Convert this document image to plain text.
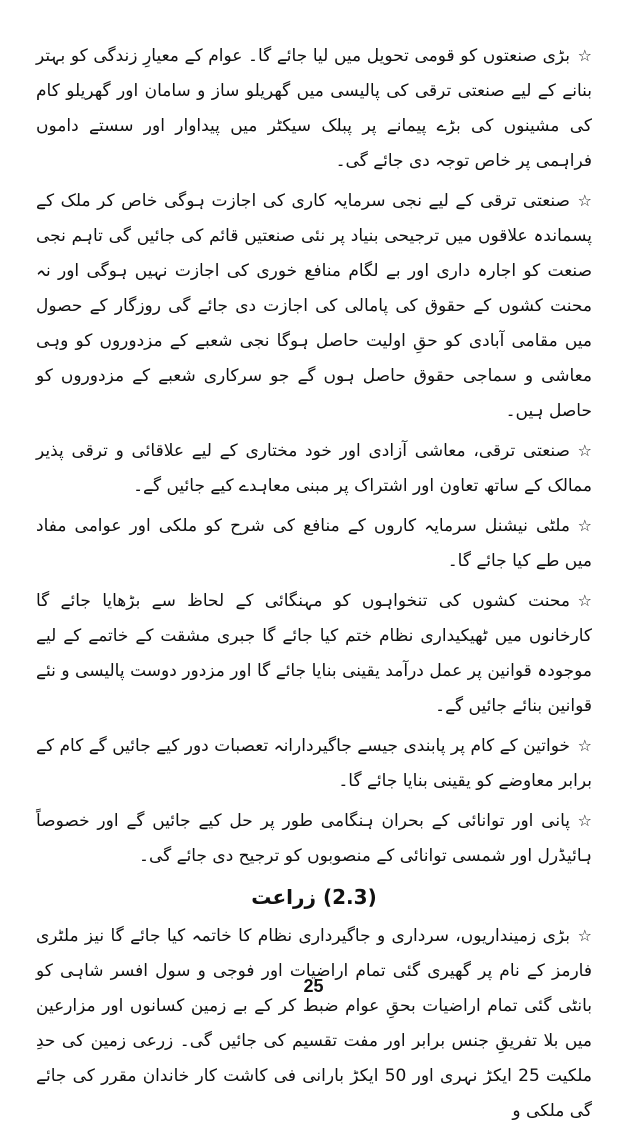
☆بڑی صنعتوں کو قومی تحویل میں لیا جائے گا۔ عوام کے معیارِ زندگی کو بہتر بنانے کے لیے صنعتی ترقی کی پالیسی میں گھریلو ساز و سامان اور گھریلو کام کی مشینوں کی بڑے پیمانے پر پبلک سیکٹر میں پیداوار اور سستے داموں فراہمی پر خاص توجہ دی جائے گی۔

☆صنعتی ترقی کے لیے نجی سرمایہ کاری کی اجازت ہوگی خاص کر ملک کے پسماندہ علاقوں میں ترجیحی بنیاد پر نئی صنعتیں قائم کی جائیں گی تاہم نجی صنعت کو اجارہ داری اور بے لگام منافع خوری کی اجازت نہیں ہوگی اور نہ محنت کشوں کے حقوق کی پامالی کی اجازت دی جائے گی روزگار کے حصول میں مقامی آبادی کو حقِ اولیت حاصل ہوگا نجی شعبے کے مزدوروں کو وہی معاشی و سماجی حقوق حاصل ہوں گے جو سرکاری شعبے کے مزدوروں کو حاصل ہیں۔

☆صنعتی ترقی، معاشی آزادی اور خود مختاری کے لیے علاقائی و ترقی پذیر ممالک کے ساتھ تعاون اور اشتراک پر مبنی معاہدے کیے جائیں گے۔

☆ملٹی نیشنل سرمایہ کاروں کے منافع کی شرح کو ملکی اور عوامی مفاد میں طے کیا جائے گا۔

☆محنت کشوں کی تنخواہوں کو مہنگائی کے لحاظ سے بڑھایا جائے گا کارخانوں میں ٹھیکیداری نظام ختم کیا جائے گا جبری مشقت کے خاتمے کے لیے موجودہ قوانین پر عمل درآمد یقینی بنایا جائے گا اور مزدور دوست پالیسی و نئے قوانین بنائے جائیں گے۔

☆خواتین کے کام پر پابندی جیسے جاگیردارانہ تعصبات دور کیے جائیں گے کام کے برابر معاوضے کو یقینی بنایا جائے گا۔

☆پانی اور توانائی کے بحران ہنگامی طور پر حل کیے جائیں گے اور خصوصاً ہائیڈرل اور شمسی توانائی کے منصوبوں کو ترجیح دی جائے گی۔

(2.3) زراعت

☆بڑی زمینداریوں، سرداری و جاگیرداری نظام کا خاتمہ کیا جائے گا نیز ملٹری فارمز کے نام پر گھیری گئی تمام اراضیات اور فوجی و سول افسر شاہی کو بانٹی گئی تمام اراضیات بحقِ عوام ضبط کر کے بے زمین کسانوں اور مزارعین میں بلا تفریقِ جنس برابر اور مفت تقسیم کی جائیں گی۔ زرعی زمین کی حدِ ملکیت 25 ایکڑ نہری اور 50 ایکڑ بارانی فی کاشت کار خاندان مقرر کی جائے گی ملکی و

25
